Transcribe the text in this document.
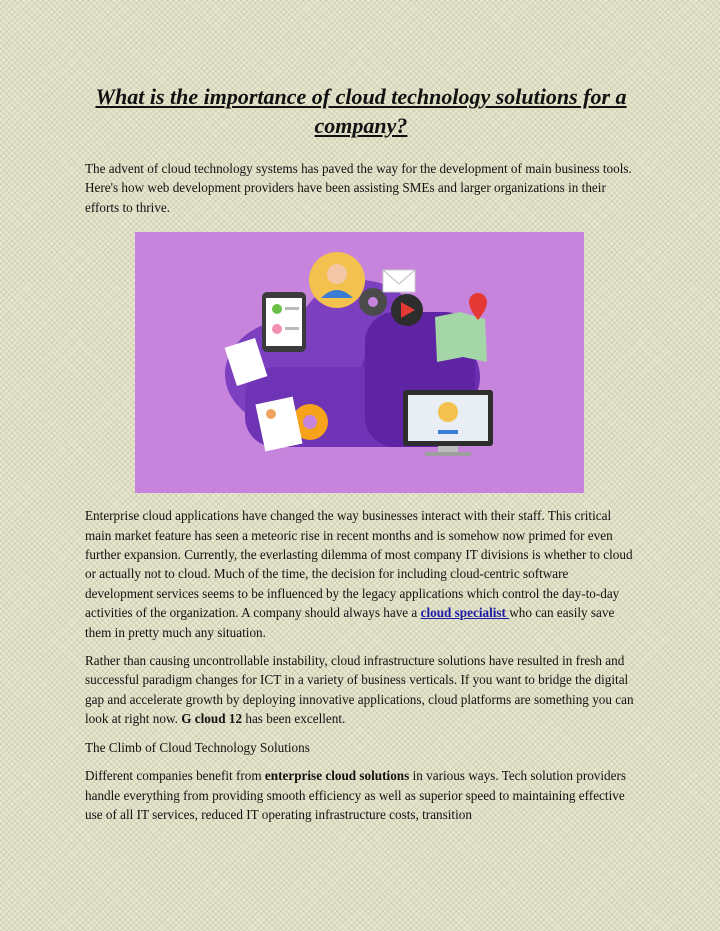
What is the importance of cloud technology solutions for a company?

The advent of cloud technology systems has paved the way for the development of main business tools. Here's how web development providers have been assisting SMEs and larger organizations in their efforts to thrive.

Enterprise cloud applications have changed the way businesses interact with their staff. This critical main market feature has seen a meteoric rise in recent months and is somehow now primed for even further expansion. Currently, the everlasting dilemma of most company IT divisions is whether to cloud or actually not to cloud. Much of the time, the decision for including cloud-centric software development services seems to be influenced by the legacy applications which control the day-to-day activities of the organization. A company should always have a cloud specialist who can easily save them in pretty much any situation.

Rather than causing uncontrollable instability, cloud infrastructure solutions have resulted in fresh and successful paradigm changes for ICT in a variety of business verticals. If you want to bridge the digital gap and accelerate growth by deploying innovative applications, cloud platforms are something you can look at right now. G cloud 12 has been excellent.

The Climb of Cloud Technology Solutions

Different companies benefit from enterprise cloud solutions in various ways. Tech solution providers handle everything from providing smooth efficiency as well as superior speed to maintaining effective use of all IT services, reduced IT operating infrastructure costs, transition
